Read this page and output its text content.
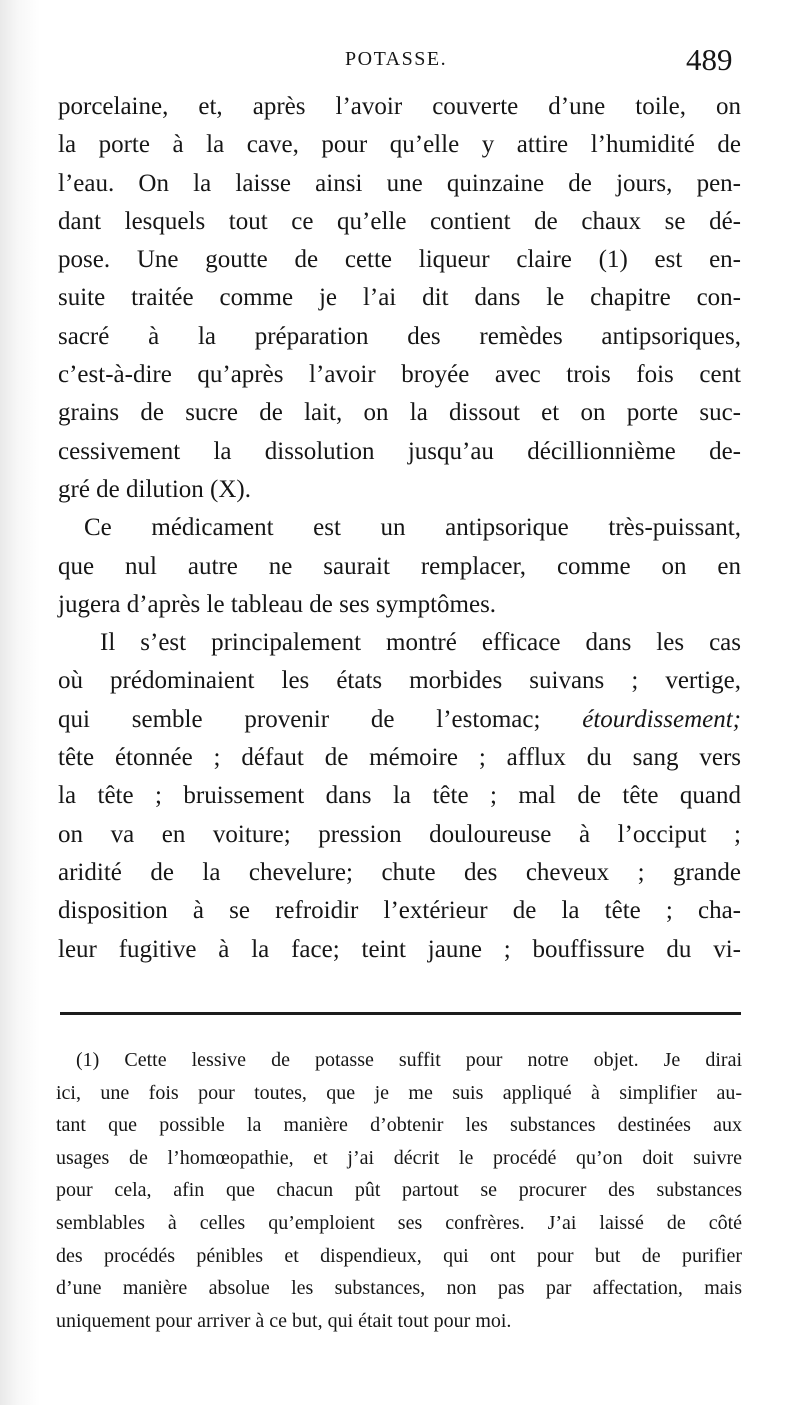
POTASSE.	489
porcelaine, et, après l’avoir couverte d’une toile, on
la porte à la cave, pour qu’elle y attire l’humidité de
l’eau. On la laisse ainsi une quinzaine de jours, pen-
dant lesquels tout ce qu’elle contient de chaux se dé-
pose. Une goutte de cette liqueur claire (1) est en-
suite traitée comme je l’ai dit dans le chapitre con-
sacré à la préparation des remèdes antipsoriques,
c’est-à-dire qu’après l’avoir broyée avec trois fois cent
grains de sucre de lait, on la dissout et on porte suc-
cessivement la dissolution jusqu’au décillionnième de-
gré de dilution (X).
Ce médicament est un antipsorique très-puissant,
que nul autre ne saurait remplacer, comme on en
jugera d’après le tableau de ses symptômes.
Il s’est principalement montré efficace dans les cas
où prédominaient les états morbides suivans ; vertige,
qui semble provenir de l’estomac; étourdissement;
tête étonnée ; défaut de mémoire ; afflux du sang vers
la tête ; bruissement dans la tête ; mal de tête quand
on va en voiture; pression douloureuse à l’occiput ;
aridité de la chevelure; chute des cheveux ; grande
disposition à se refroidir l’extérieur de la tête ; cha-
leur fugitive à la face; teint jaune ; bouffissure du vi-
(1) Cette lessive de potasse suffit pour notre objet. Je dirai
ici, une fois pour toutes, que je me suis appliqué à simplifier au-
tant que possible la manière d’obtenir les substances destinées aux
usages de l’homœopathie, et j’ai décrit le procédé qu’on doit suivre
pour cela, afin que chacun pût partout se procurer des substances
semblables à celles qu’emploient ses confrères. J’ai laissé de côté
des procédés pénibles et dispendieux, qui ont pour but de purifier
d’une manière absolue les substances, non pas par affectation, mais
uniquement pour arriver à ce but, qui était tout pour moi.
